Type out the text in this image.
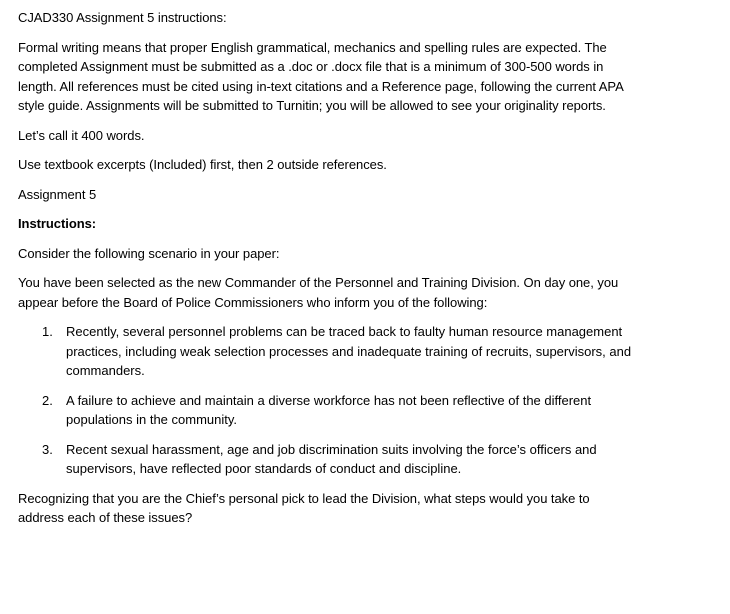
CJAD330 Assignment 5 instructions:

Formal writing means that proper English grammatical, mechanics and spelling rules are expected. The completed Assignment must be submitted as a .doc or .docx file that is a minimum of 300-500 words in length. All references must be cited using in-text citations and a Reference page, following the current APA style guide. Assignments will be submitted to Turnitin; you will be allowed to see your originality reports.

Let’s call it 400 words.

Use textbook excerpts (Included) first, then 2 outside references.

Assignment 5

Instructions:

Consider the following scenario in your paper:

You have been selected as the new Commander of the Personnel and Training Division. On day one, you appear before the Board of Police Commissioners who inform you of the following:

1. Recently, several personnel problems can be traced back to faulty human resource management practices, including weak selection processes and inadequate training of recruits, supervisors, and commanders.
2. A failure to achieve and maintain a diverse workforce has not been reflective of the different populations in the community.
3. Recent sexual harassment, age and job discrimination suits involving the force’s officers and supervisors, have reflected poor standards of conduct and discipline.

Recognizing that you are the Chief’s personal pick to lead the Division, what steps would you take to address each of these issues?
